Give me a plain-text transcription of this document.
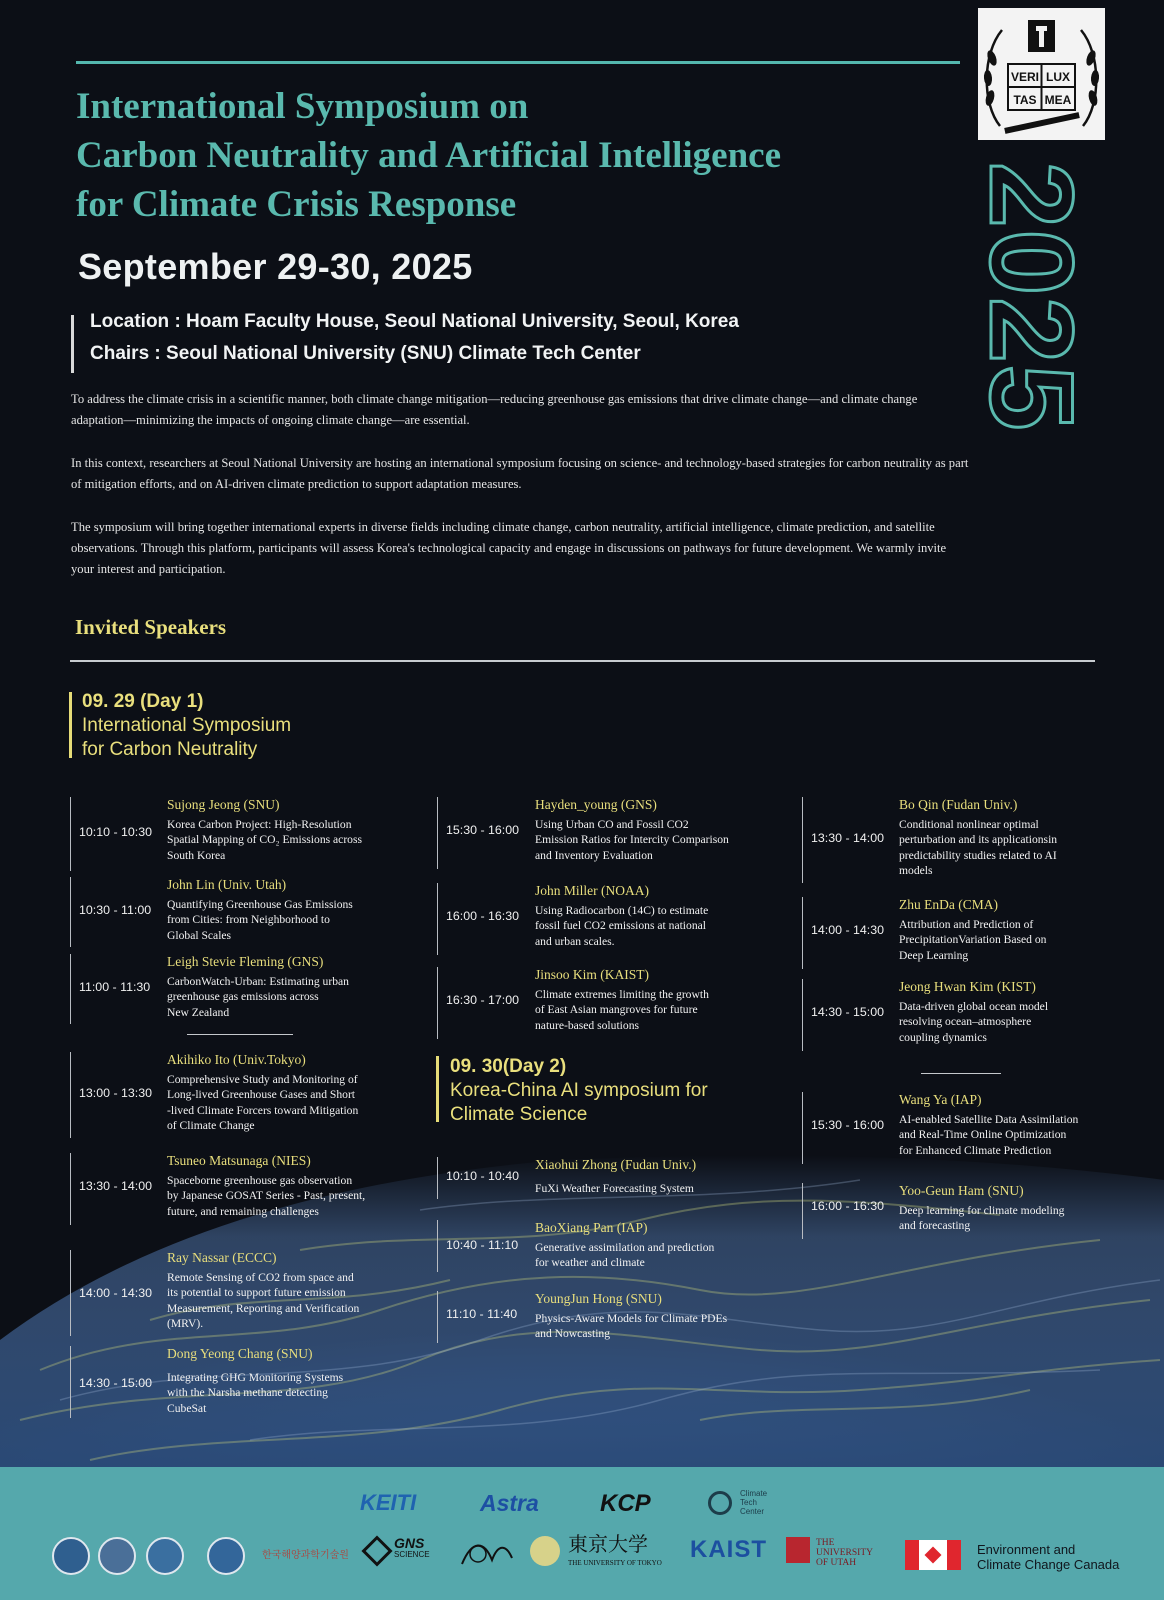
International Symposium on
Carbon Neutrality and Artificial Intelligence
for Climate Crisis Response
September 29-30, 2025
Location : Hoam Faculty House, Seoul National University, Seoul, Korea
Chairs : Seoul National University (SNU) Climate Tech Center
VERI LUX
TAS MEA
2025

To address the climate crisis in a scientific manner, both climate change mitigation—reducing greenhouse gas emissions that drive climate change—and climate change adaptation—minimizing the impacts of ongoing climate change—are essential.

In this context, researchers at Seoul National University are hosting an international symposium focusing on science- and technology-based strategies for carbon neutrality as part of mitigation efforts, and on AI-driven climate prediction to support adaptation measures.

The symposium will bring together international experts in diverse fields including climate change, carbon neutrality, artificial intelligence, climate prediction, and satellite observations. Through this platform, participants will assess Korea's technological capacity and engage in discussions on pathways for future development. We warmly invite your interest and participation.

Invited Speakers
09. 29 (Day 1)
International Symposium
for Carbon Neutrality
09. 30(Day 2)
Korea-China AI symposium for
Climate Science
10:10 - 10:30
Sujong Jeong (SNU)
Korea Carbon Project: High-Resolution
Spatial Mapping of CO₂ Emissions across
South Korea
10:30 - 11:00
John Lin (Univ. Utah)
Quantifying Greenhouse Gas Emissions
from Cities: from Neighborhood to
Global Scales
11:00 - 11:30
Leigh Stevie Fleming (GNS)
CarbonWatch-Urban: Estimating urban
greenhouse gas emissions across
New Zealand
13:00 - 13:30
Akihiko Ito (Univ.Tokyo)
Comprehensive Study and Monitoring of
Long-lived Greenhouse Gases and Short
-lived Climate Forcers toward Mitigation
of Climate Change
13:30 - 14:00
Tsuneo Matsunaga (NIES)
Spaceborne greenhouse gas observation
by Japanese GOSAT Series - Past, present,
future, and remaining challenges
14:00 - 14:30
Ray Nassar (ECCC)
Remote Sensing of CO2 from space and
its potential to support future emission
Measurement, Reporting and Verification
(MRV).
14:30 - 15:00
Dong Yeong Chang (SNU)
Integrating GHG Monitoring Systems
with the Narsha methane detecting
CubeSat
15:30 - 16:00
Hayden_young (GNS)
Using Urban CO and Fossil CO2
Emission Ratios for Intercity Comparison
and Inventory Evaluation
16:00 - 16:30
John Miller (NOAA)
Using Radiocarbon (14C) to estimate
fossil fuel CO2 emissions at national
and urban scales.
16:30 - 17:00
Jinsoo Kim (KAIST)
Climate extremes limiting the growth
of East Asian mangroves for future
nature-based solutions
10:10 - 10:40
Xiaohui Zhong (Fudan Univ.)
FuXi Weather Forecasting System
10:40 - 11:10
BaoXiang Pan (IAP)
Generative assimilation and prediction
for weather and climate
11:10 - 11:40
YoungJun Hong (SNU)
Physics-Aware Models for Climate PDEs
and Nowcasting
13:30 - 14:00
Bo Qin (Fudan Univ.)
Conditional nonlinear optimal
perturbation and its applicationsin
predictability studies related to AI
models
14:00 - 14:30
Zhu EnDa (CMA)
Attribution and Prediction of
PrecipitationVariation Based on
Deep Learning
14:30 - 15:00
Jeong Hwan Kim (KIST)
Data-driven global ocean model
resolving ocean–atmosphere
coupling dynamics
15:30 - 16:00
Wang Ya (IAP)
AI-enabled Satellite Data Assimilation
and Real-Time Online Optimization
for Enhanced Climate Prediction
16:00 - 16:30
Yoo-Geun Ham (SNU)
Deep learning for climate modeling
and forecasting
KEITI	Astra	KCP	Climate
Tech
Center
한국해양과학기술원
GNS
SCIENCE	東京大学
THE UNIVERSITY OF TOKYO KAIST	THE
UNIVERSITY
OF UTAH
Environment and
Climate Change Canada
